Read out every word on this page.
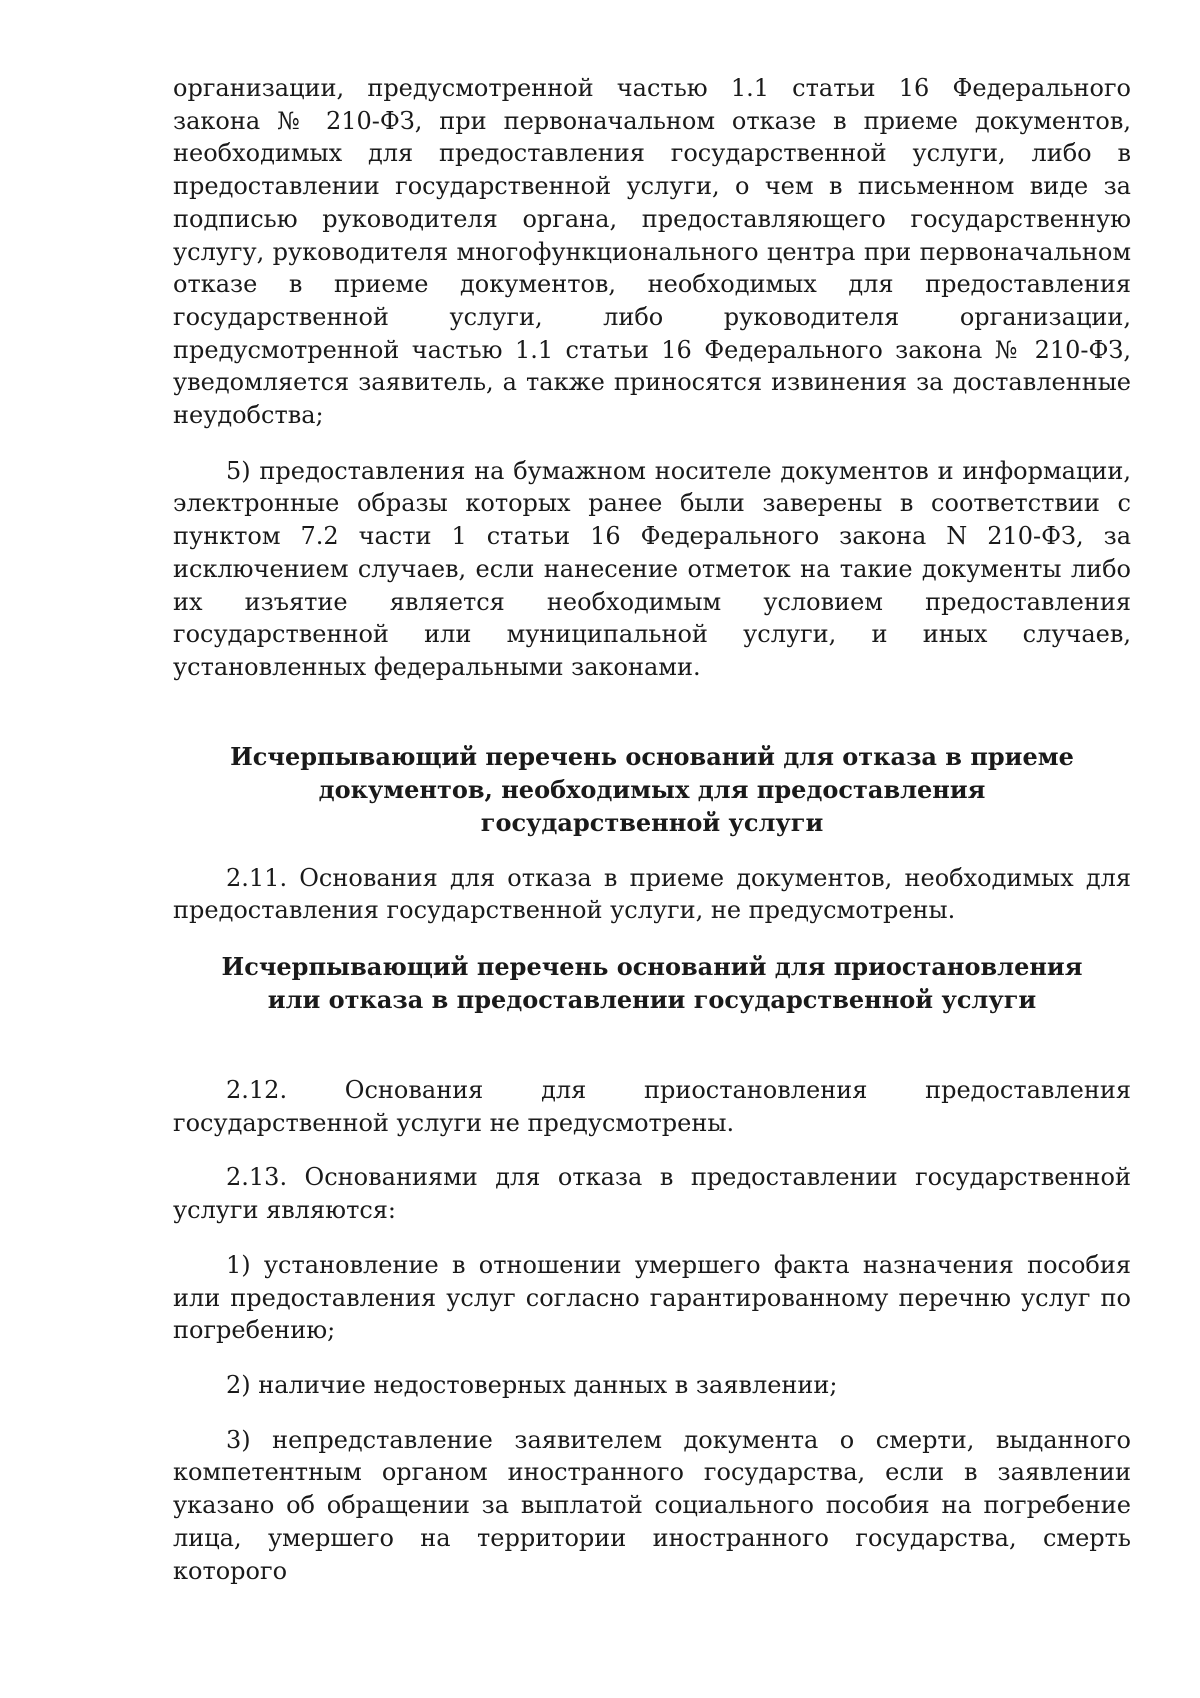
организации, предусмотренной частью 1.1 статьи 16 Федерального закона № 210-ФЗ, при первоначальном отказе в приеме документов, необходимых для предоставления государственной услуги, либо в предоставлении государственной услуги, о чем в письменном виде за подписью руководителя органа, предоставляющего государственную услугу, руководителя многофункционального центра при первоначальном отказе в приеме документов, необходимых для предоставления государственной услуги, либо руководителя организации, предусмотренной частью 1.1 статьи 16 Федерального закона № 210-ФЗ, уведомляется заявитель, а также приносятся извинения за доставленные неудобства;

5) предоставления на бумажном носителе документов и информации, электронные образы которых ранее были заверены в соответствии с пунктом 7.2 части 1 статьи 16 Федерального закона N 210-ФЗ, за исключением случаев, если нанесение отметок на такие документы либо их изъятие является необходимым условием предоставления государственной или муниципальной услуги, и иных случаев, установленных федеральными законами.

Исчерпывающий перечень оснований для отказа в приеме
документов, необходимых для предоставления
государственной услуги

2.11. Основания для отказа в приеме документов, необходимых для предоставления государственной услуги, не предусмотрены.

Исчерпывающий перечень оснований для приостановления
или отказа в предоставлении государственной услуги

2.12. Основания для приостановления предоставления государственной услуги не предусмотрены.

2.13. Основаниями для отказа в предоставлении государственной услуги являются:

1) установление в отношении умершего факта назначения пособия или предоставления услуг согласно гарантированному перечню услуг по погребению;

2) наличие недостоверных данных в заявлении;

3) непредставление заявителем документа о смерти, выданного компетентным органом иностранного государства, если в заявлении указано об обращении за выплатой социального пособия на погребение лица, умершего на территории иностранного государства, смерть которого
